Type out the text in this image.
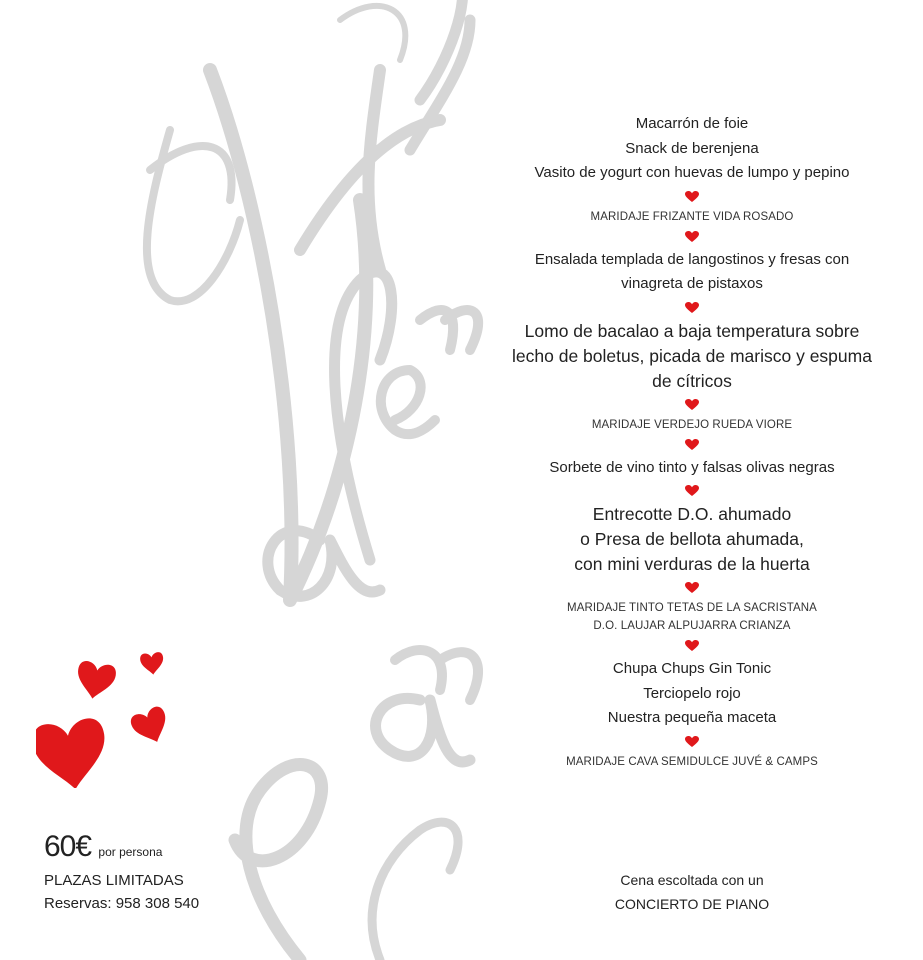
Macarrón de foie
Snack de berenjena
Vasito de yogurt con huevas de lumpo y pepino
MARIDAJE FRIZANTE VIDA ROSADO
Ensalada templada de langostinos y fresas con
vinagreta de pistaxos
Lomo de bacalao a baja temperatura sobre
lecho de boletus, picada de marisco y espuma
de cítricos
MARIDAJE VERDEJO RUEDA VIORE
Sorbete de vino tinto y falsas olivas negras
Entrecotte D.O. ahumado
o Presa de bellota ahumada,
con mini verduras de la huerta
MARIDAJE TINTO TETAS DE LA SACRISTANA
D.O. LAUJAR ALPUJARRA CRIANZA
Chupa Chups Gin Tonic
Terciopelo rojo
Nuestra pequeña maceta
MARIDAJE CAVA SEMIDULCE JUVÉ & CAMPS
Cena escoltada con un
CONCIERTO DE PIANO
60€ por persona
PLAZAS LIMITADAS
Reservas: 958 308 540
